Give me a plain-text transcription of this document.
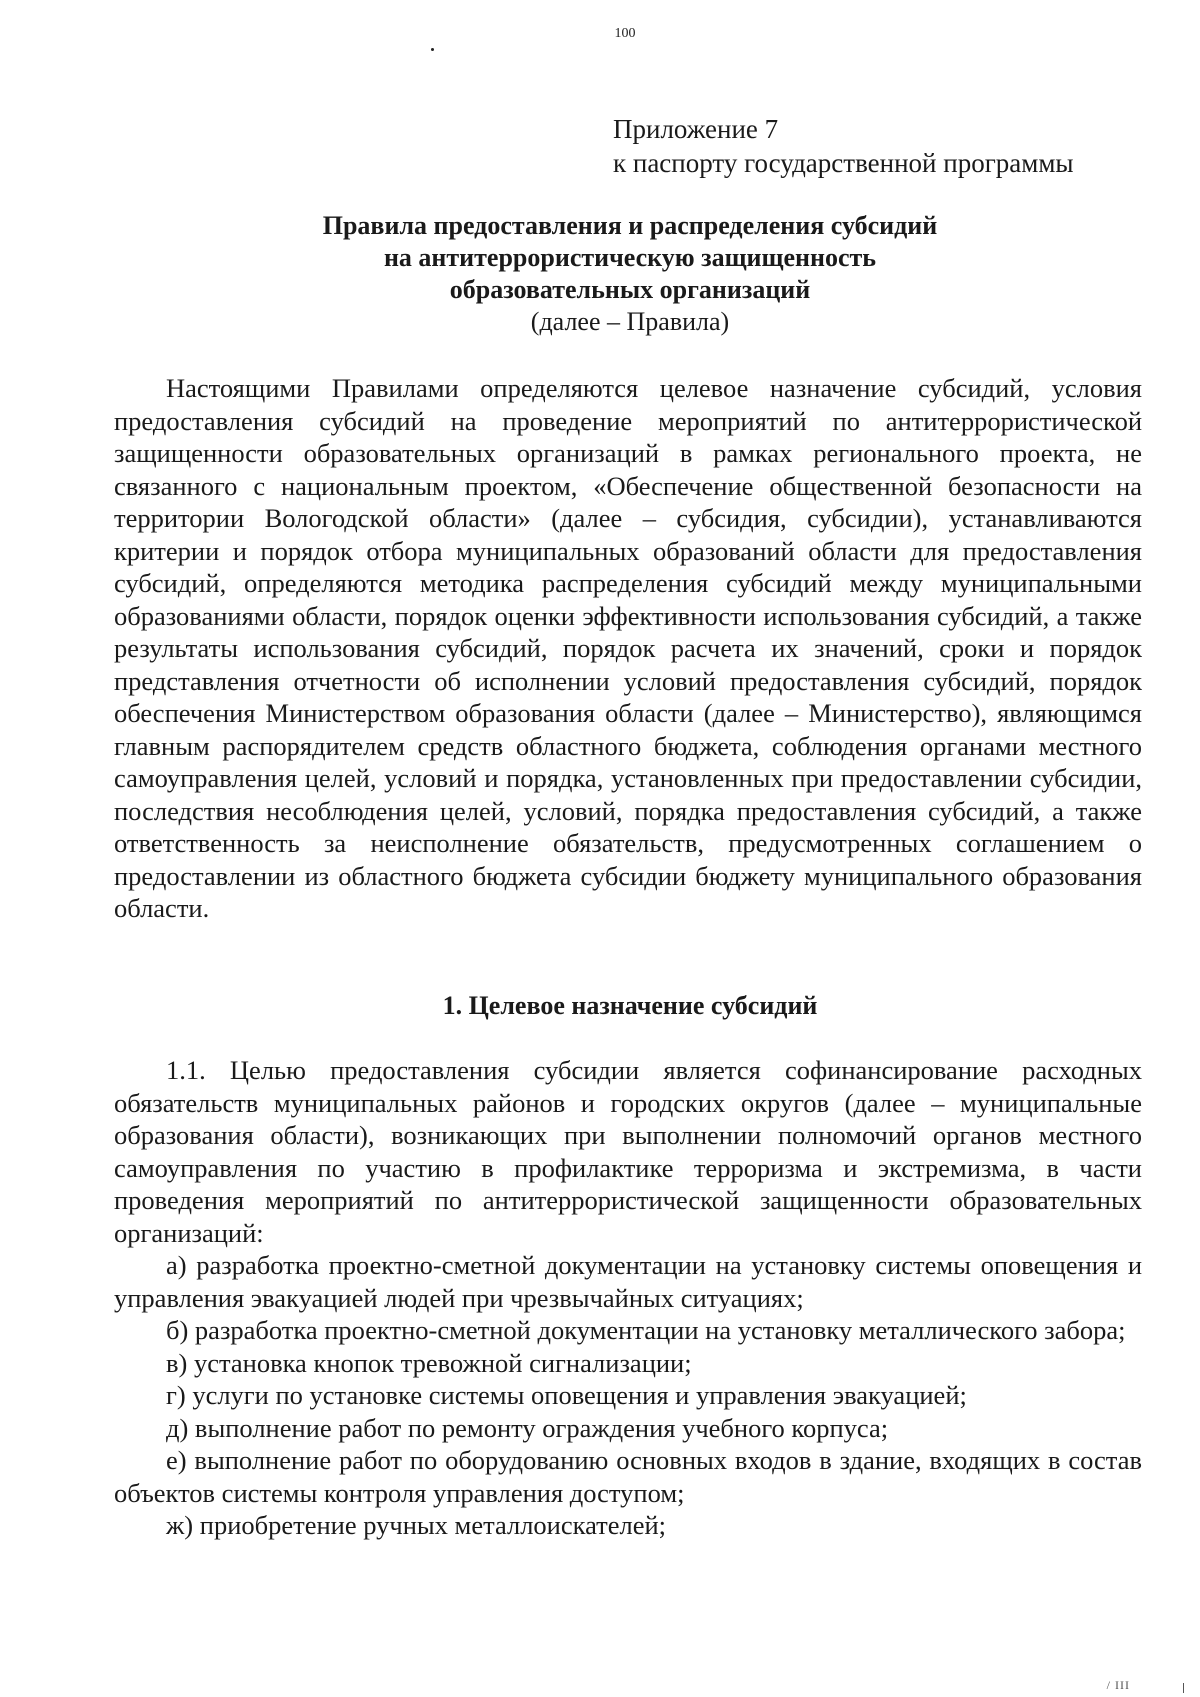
100
Приложение 7
к паспорту государственной программы
Правила предоставления и распределения субсидий
на антитеррористическую защищенность
образовательных организаций
(далее – Правила)

Настоящими Правилами определяются целевое назначение субсидий, условия предоставления субсидий на проведение мероприятий по антитеррористической защищенности образовательных организаций в рамках регионального проекта, не связанного с национальным проектом, «Обеспечение общественной безопасности на территории Вологодской области» (далее – субсидия, субсидии), устанавливаются критерии и порядок отбора муниципальных образований области для предоставления субсидий, определяются методика распределения субсидий между муниципальными образованиями области, порядок оценки эффективности использования субсидий, а также результаты использования субсидий, порядок расчета их значений, сроки и порядок представления отчетности об исполнении условий предоставления субсидий, порядок обеспечения Министерством образования области (далее – Министерство), являющимся главным распорядителем средств областного бюджета, соблюдения органами местного самоуправления целей, условий и порядка, установленных при предоставлении субсидии, последствия несоблюдения целей, условий, порядка предоставления субсидий, а также ответственность за неисполнение обязательств, предусмотренных соглашением о предоставлении из областного бюджета субсидии бюджету муниципального образования области.

1. Целевое назначение субсидий

1.1. Целью предоставления субсидии является софинансирование расходных обязательств муниципальных районов и городских округов (далее – муниципальные образования области), возникающих при выполнении полномочий органов местного самоуправления по участию в профилактике терроризма и экстремизма, в части проведения мероприятий по антитеррористической защищенности образовательных организаций:

а) разработка проектно-сметной документации на установку системы оповещения и управления эвакуацией людей при чрезвычайных ситуациях;

б) разработка проектно-сметной документации на установку металлического забора;

в) установка кнопок тревожной сигнализации;

г) услуги по установке системы оповещения и управления эвакуацией;

д) выполнение работ по ремонту ограждения учебного корпуса;

е) выполнение работ по оборудованию основных входов в здание, входящих в состав объектов системы контроля управления доступом;

ж) приобретение ручных металлоискателей;

/ III
